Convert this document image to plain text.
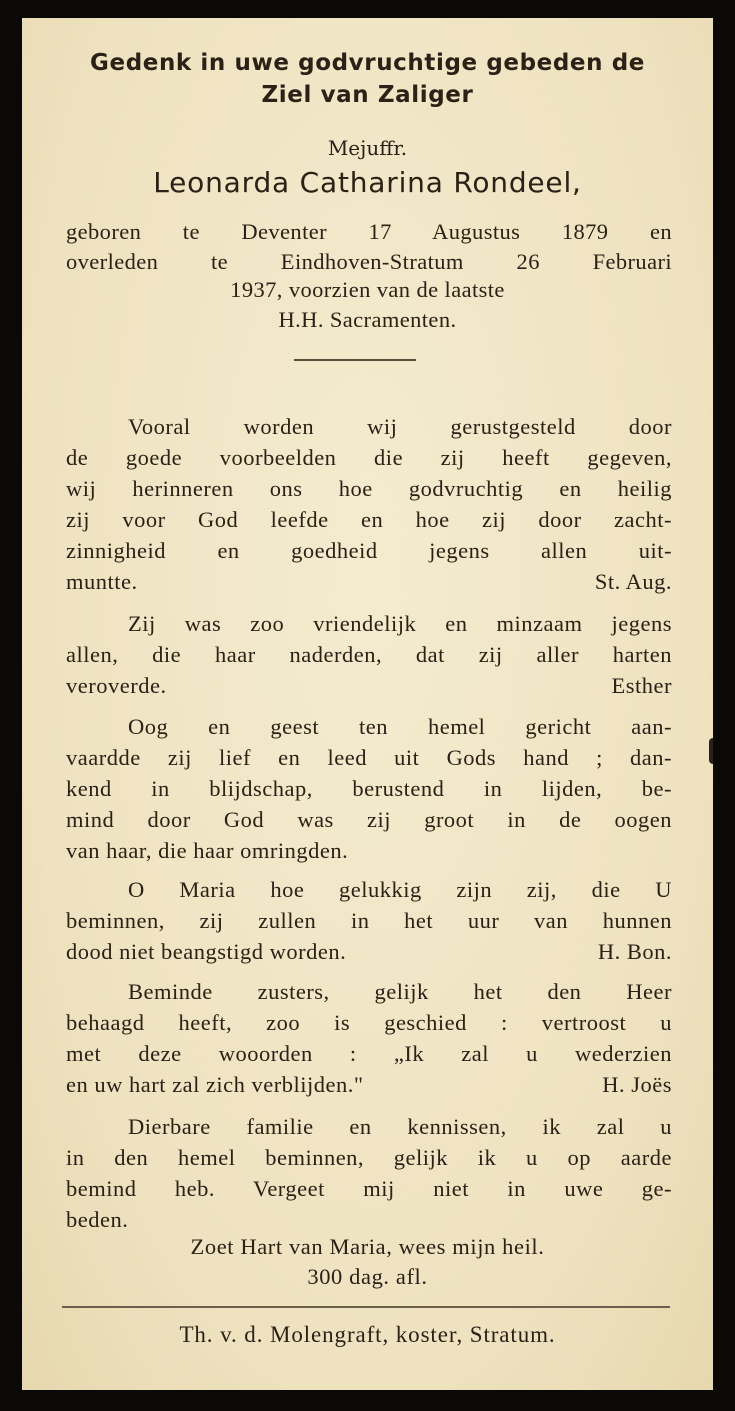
Gedenk in uwe godvruchtige gebeden de
Ziel van Zaliger
Mejuffr.
Leonarda Catharina Rondeel,
geboren te Deventer 17 Augustus 1879 en
overleden te Eindhoven-Stratum 26 Februari
1937, voorzien van de laatste
H.H. Sacramenten.
Vooral worden wij gerustgesteld door
de goede voorbeelden die zij heeft gegeven,
wij herinneren ons hoe godvruchtig en heilig
zij voor God leefde en hoe zij door zacht-
zinnigheid en goedheid jegens allen uit-
muntte.	St. Aug.
Zij was zoo vriendelijk en minzaam jegens
allen, die haar naderden, dat zij aller harten
veroverde.	Esther
Oog en geest ten hemel gericht aan-
vaardde zij lief en leed uit Gods hand ; dan-
kend in blijdschap, berustend in lijden, be-
mind door God was zij groot in de oogen
van haar, die haar omringden.
O Maria hoe gelukkig zijn zij, die U
beminnen, zij zullen in het uur van hunnen
dood niet beangstigd worden.	H. Bon.
Beminde zusters, gelijk het den Heer
behaagd heeft, zoo is geschied : vertroost u
met deze wooorden : „Ik zal u wederzien
en uw hart zal zich verblijden."	H. Joës
Dierbare familie en kennissen, ik zal u
in den hemel beminnen, gelijk ik u op aarde
bemind heb. Vergeet mij niet in uwe ge-
beden.
Zoet Hart van Maria, wees mijn heil.
300 dag. afl.
Th. v. d. Molengraft, koster, Stratum.
